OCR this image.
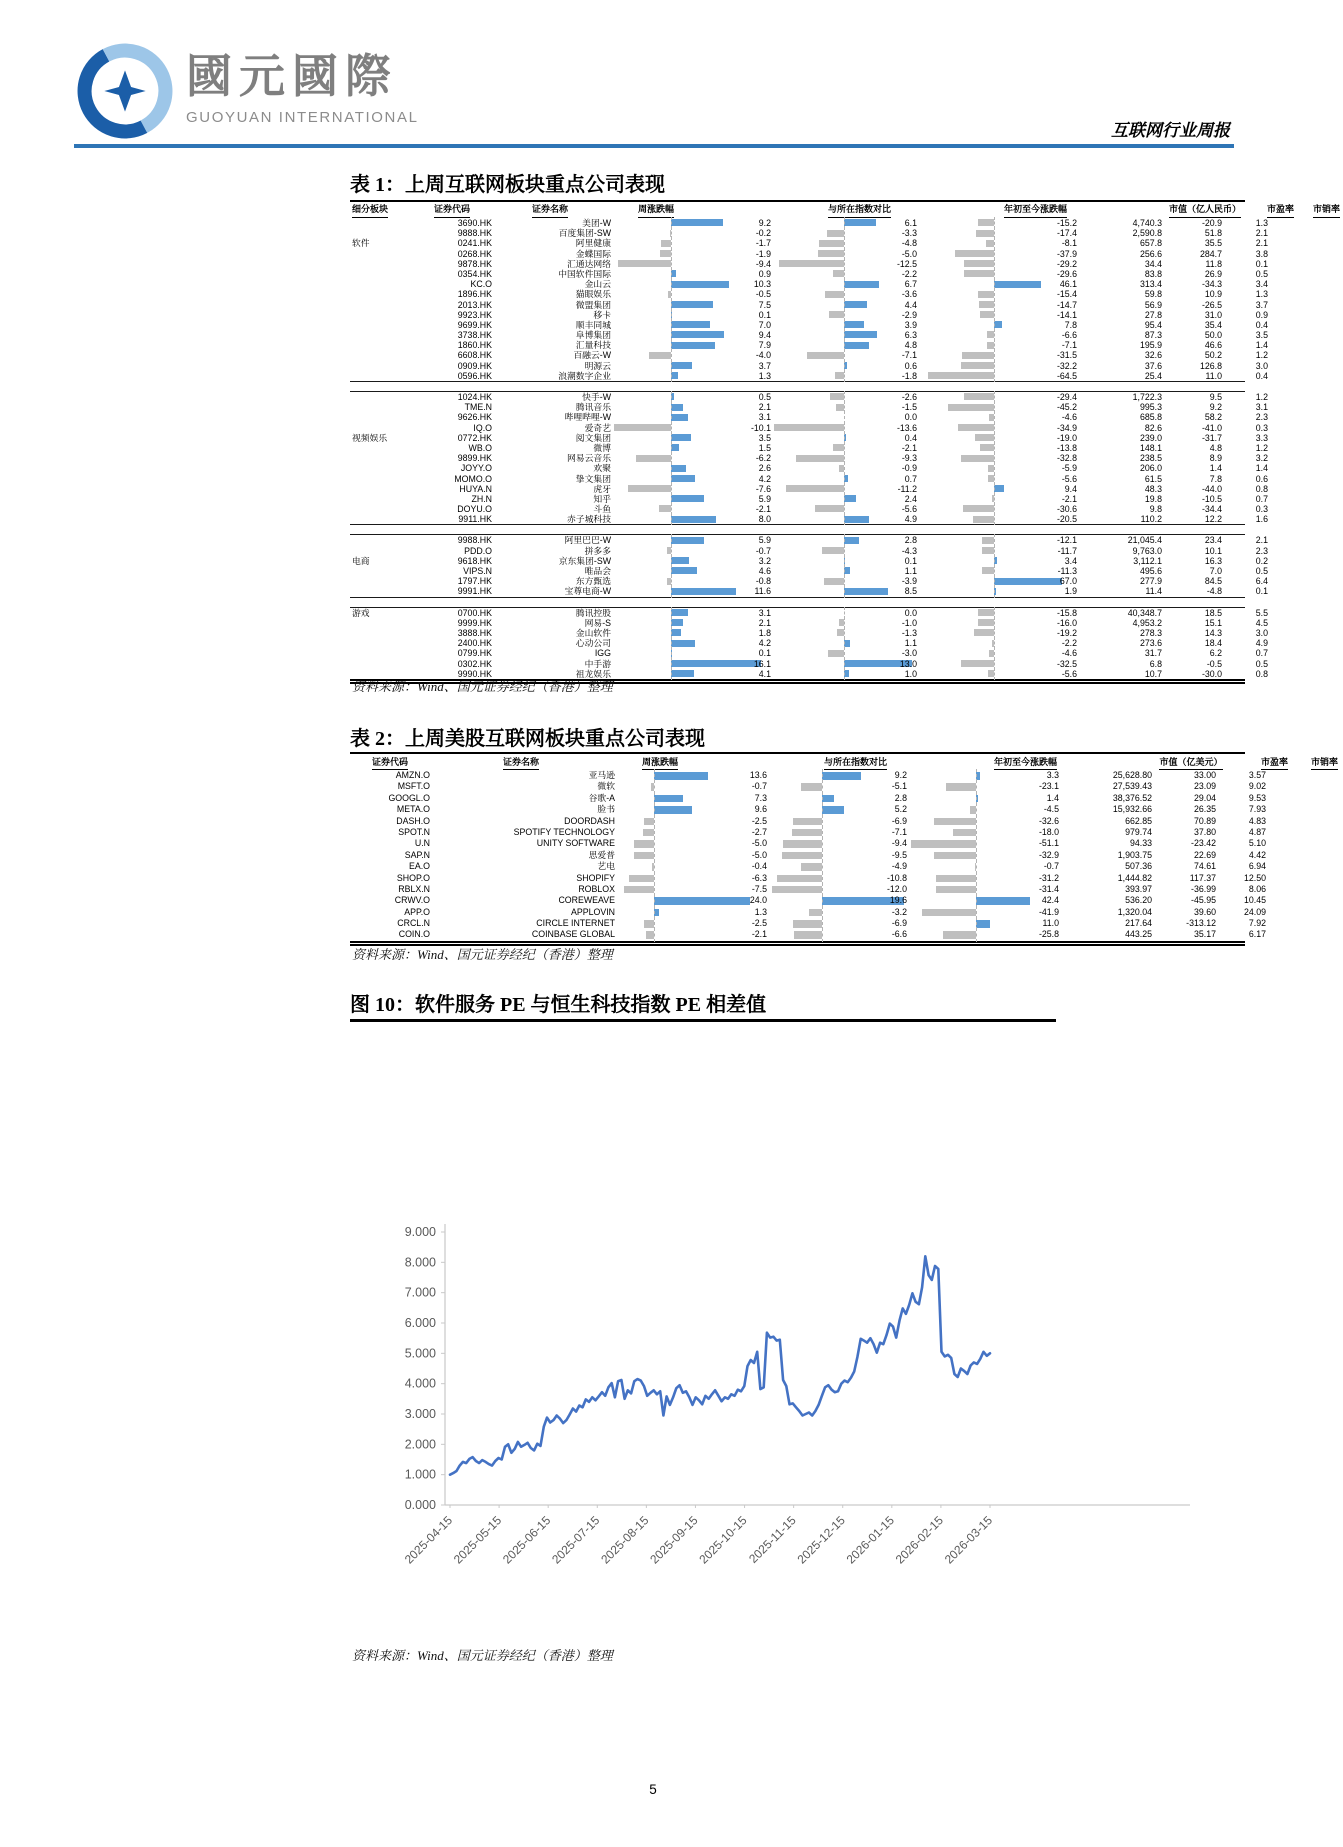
國元國際
GUOYUAN INTERNATIONAL
互联网行业周报
表 1：上周互联网板块重点公司表现
细分板块	证券代码	证券名称	周涨跌幅	与所在指数对比	年初至今涨跌幅	市值（亿人民币）	市盈率	市销率
3690.HK	美团-W	9.2	6.1	-15.2	4,740.3	-20.9	1.3
9888.HK	百度集团-SW	-0.2	-3.3	-17.4	2,590.8	51.8	2.1
软件	0241.HK	阿里健康	-1.7	-4.8	-8.1	657.8	35.5	2.1
0268.HK	金蝶国际	-1.9	-5.0	-37.9	256.6	284.7	3.8
9878.HK	汇通达网络	-9.4	-12.5	-29.2	34.4	11.8	0.1
0354.HK	中国软件国际	0.9	-2.2	-29.6	83.8	26.9	0.5
KC.O	金山云	10.3	6.7	46.1	313.4	-34.3	3.4
1896.HK	猫眼娱乐	-0.5	-3.6	-15.4	59.8	10.9	1.3
2013.HK	微盟集团	7.5	4.4	-14.7	56.9	-26.5	3.7
9923.HK	移卡	0.1	-2.9	-14.1	27.8	31.0	0.9
9699.HK	顺丰同城	7.0	3.9	7.8	95.4	35.4	0.4
3738.HK	阜博集团	9.4	6.3	-6.6	87.3	50.0	3.5
1860.HK	汇量科技	7.9	4.8	-7.1	195.9	46.6	1.4
6608.HK	百融云-W	-4.0	-7.1	-31.5	32.6	50.2	1.2
0909.HK	明源云	3.7	0.6	-32.2	37.6	126.8	3.0
0596.HK	浪潮数字企业	1.3	-1.8	-64.5	25.4	11.0	0.4
1024.HK	快手-W	0.5	-2.6	-29.4	1,722.3	9.5	1.2
TME.N	腾讯音乐	2.1	-1.5	-45.2	995.3	9.2	3.1
9626.HK	哔哩哔哩-W	3.1	0.0	-4.6	685.8	58.2	2.3
IQ.O	爱奇艺	-10.1	-13.6	-34.9	82.6	-41.0	0.3
视频娱乐	0772.HK	阅文集团	3.5	0.4	-19.0	239.0	-31.7	3.3
WB.O	微博	1.5	-2.1	-13.8	148.1	4.8	1.2
9899.HK	网易云音乐	-6.2	-9.3	-32.8	238.5	8.9	3.2
JOYY.O	欢聚	2.6	-0.9	-5.9	206.0	1.4	1.4
MOMO.O	挚文集团	4.2	0.7	-5.6	61.5	7.8	0.6
HUYA.N	虎牙	-7.6	-11.2	9.4	48.3	-44.0	0.8
ZH.N	知乎	5.9	2.4	-2.1	19.8	-10.5	0.7
DOYU.O	斗鱼	-2.1	-5.6	-30.6	9.8	-34.4	0.3
9911.HK	赤子城科技	8.0	4.9	-20.5	110.2	12.2	1.6
9988.HK	阿里巴巴-W	5.9	2.8	-12.1	21,045.4	23.4	2.1
PDD.O	拼多多	-0.7	-4.3	-11.7	9,763.0	10.1	2.3
电商	9618.HK	京东集团-SW	3.2	0.1	3.4	3,112.1	16.3	0.2
VIPS.N	唯品会	4.6	1.1	-11.3	495.6	7.0	0.5
1797.HK	东方甄选	-0.8	-3.9	67.0	277.9	84.5	6.4
9991.HK	宝尊电商-W	11.6	8.5	1.9	11.4	-4.8	0.1
游戏	0700.HK	腾讯控股	3.1	0.0	-15.8	40,348.7	18.5	5.5
9999.HK	网易-S	2.1	-1.0	-16.0	4,953.2	15.1	4.5
3888.HK	金山软件	1.8	-1.3	-19.2	278.3	14.3	3.0
2400.HK	心动公司	4.2	1.1	-2.2	273.6	18.4	4.9
0799.HK	IGG	0.1	-3.0	-4.6	31.7	6.2	0.7
0302.HK	中手游	16.1	13.0	-32.5	6.8	-0.5	0.5
9990.HK	祖龙娱乐	4.1	1.0	-5.6	10.7	-30.0	0.8
资料来源：Wind、国元证券经纪（香港）整理
表 2：上周美股互联网板块重点公司表现
证券代码	证券名称	周涨跌幅	与所在指数对比	年初至今涨跌幅	市值（亿美元）	市盈率	市销率
AMZN.O	亚马逊	13.6	9.2	3.3	25,628.80	33.00	3.57
MSFT.O	微软	-0.7	-5.1	-23.1	27,539.43	23.09	9.02
GOOGL.O	谷歌-A	7.3	2.8	1.4	38,376.52	29.04	9.53
META.O	脸书	9.6	5.2	-4.5	15,932.66	26.35	7.93
DASH.O	DOORDASH	-2.5	-6.9	-32.6	662.85	70.89	4.83
SPOT.N	SPOTIFY TECHNOLOGY	-2.7	-7.1	-18.0	979.74	37.80	4.87
U.N	UNITY SOFTWARE	-5.0	-9.4	-51.1	94.33	-23.42	5.10
SAP.N	思爱普	-5.0	-9.5	-32.9	1,903.75	22.69	4.42
EA.O	艺电	-0.4	-4.9	-0.7	507.36	74.61	6.94
SHOP.O	SHOPIFY	-6.3	-10.8	-31.2	1,444.82	117.37	12.50
RBLX.N	ROBLOX	-7.5	-12.0	-31.4	393.97	-36.99	8.06
CRWV.O	COREWEAVE	24.0	19.6	42.4	536.20	-45.95	10.45
APP.O	APPLOVIN	1.3	-3.2	-41.9	1,320.04	39.60	24.09
CRCL.N	CIRCLE INTERNET	-2.5	-6.9	11.0	217.64	-313.12	7.92
COIN.O	COINBASE GLOBAL	-2.1	-6.6	-25.8	443.25	35.17	6.17
资料来源：Wind、国元证券经纪（香港）整理
图 10：软件服务 PE 与恒生科技指数 PE 相差值
9.000
8.000
7.000
6.000
5.000
4.000
3.000
2.000
1.000
0.000
2025-04-15
2025-05-15
2025-06-15
2025-07-15
2025-08-15
2025-09-15
2025-10-15
2025-11-15
2025-12-15
2026-01-15
2026-02-15
2026-03-15
资料来源：Wind、国元证券经纪（香港）整理
5
